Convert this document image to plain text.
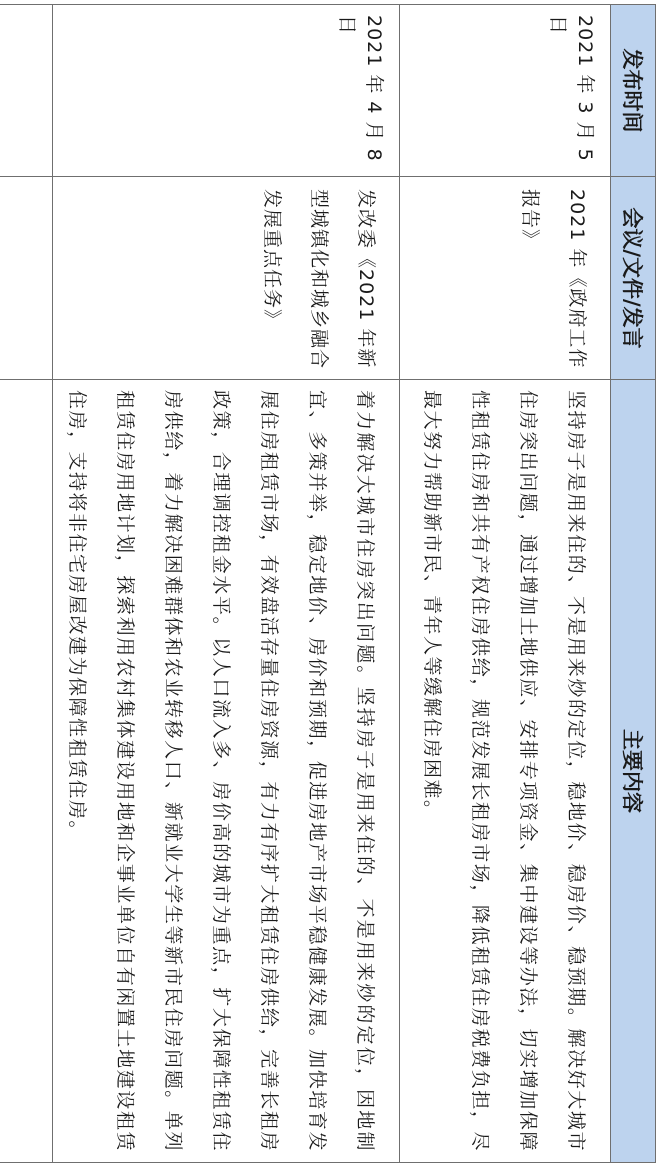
发布时间	会议/文件/发言	主要内容
2021 年 3 月 5 日	2021 年《政府工作报告》	坚持房子是用来住的、不是用来炒的定位，稳地价、稳房价、稳预期。解决好大城市住房突出问题，通过增加土地供应、安排专项资金、集中建设等办法，切实增加保障性租赁住房和共有产权住房供给，规范发展长租房市场，降低租赁住房税费负担，尽最大努力帮助新市民、青年人等缓解住房困难。
2021 年 4 月 8 日	发改委《2021 年新型城镇化和城乡融合发展重点任务》	着力解决大城市住房突出问题。坚持房子是用来住的、不是用来炒的定位，因地制宜、多策并举，稳定地价、房价和预期，促进房地产市场平稳健康发展。加快培育发展住房租赁市场，有效盘活存量住房资源，有力有序扩大租赁住房供给，完善长租房政策，合理调控租金水平。以人口流入多、房价高的城市为重点，扩大保障性租赁住房供给，着力解决困难群体和农业转移人口、新就业大学生等新市民住房问题。单列租赁住房用地计划，探索利用农村集体建设用地和企事业单位自有闲置土地建设租赁住房，支持将非住宅房屋改建为保障性租赁住房。
